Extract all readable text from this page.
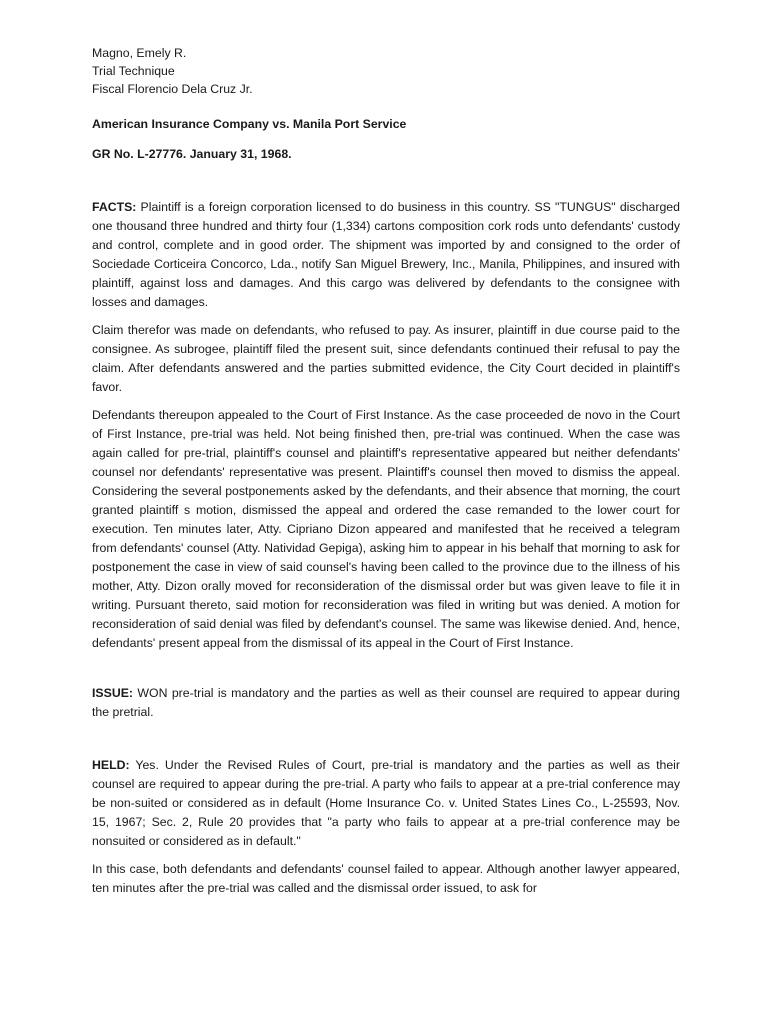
Magno, Emely R.

Trial Technique

Fiscal Florencio Dela Cruz Jr.

American Insurance Company vs. Manila Port Service

GR No. L-27776. January 31, 1968.

FACTS: Plaintiff is a foreign corporation licensed to do business in this country. SS "TUNGUS" discharged one thousand three hundred and thirty four (1,334) cartons composition cork rods unto defendants' custody and control, complete and in good order. The shipment was imported by and consigned to the order of Sociedade Corticeira Concorco, Lda., notify San Miguel Brewery, Inc., Manila, Philippines, and insured with plaintiff, against loss and damages. And this cargo was delivered by defendants to the consignee with losses and damages.

Claim therefor was made on defendants, who refused to pay. As insurer, plaintiff in due course paid to the consignee. As subrogee, plaintiff filed the present suit, since defendants continued their refusal to pay the claim. After defendants answered and the parties submitted evidence, the City Court decided in plaintiff's favor.

Defendants thereupon appealed to the Court of First Instance. As the case proceeded de novo in the Court of First Instance, pre-trial was held. Not being finished then, pre-trial was continued. When the case was again called for pre-trial, plaintiff's counsel and plaintiff's representative appeared but neither defendants' counsel nor defendants' representative was present. Plaintiff's counsel then moved to dismiss the appeal. Considering the several postponements asked by the defendants, and their absence that morning, the court granted plaintiff s motion, dismissed the appeal and ordered the case remanded to the lower court for execution. Ten minutes later, Atty. Cipriano Dizon appeared and manifested that he received a telegram from defendants' counsel (Atty. Natividad Gepiga), asking him to appear in his behalf that morning to ask for postponement the case in view of said counsel's having been called to the province due to the illness of his mother, Atty. Dizon orally moved for reconsideration of the dismissal order but was given leave to file it in writing. Pursuant thereto, said motion for reconsideration was filed in writing but was denied. A motion for reconsideration of said denial was filed by defendant's counsel. The same was likewise denied. And, hence, defendants' present appeal from the dismissal of its appeal in the Court of First Instance.

ISSUE: WON pre-trial is mandatory and the parties as well as their counsel are required to appear during the pretrial.

HELD: Yes. Under the Revised Rules of Court, pre-trial is mandatory and the parties as well as their counsel are required to appear during the pre-trial. A party who fails to appear at a pre-trial conference may be non-suited or considered as in default (Home Insurance Co. v. United States Lines Co., L-25593, Nov. 15, 1967; Sec. 2, Rule 20 provides that "a party who fails to appear at a pre-trial conference may be nonsuited or considered as in default."

In this case, both defendants and defendants' counsel failed to appear. Although another lawyer appeared, ten minutes after the pre-trial was called and the dismissal order issued, to ask for
